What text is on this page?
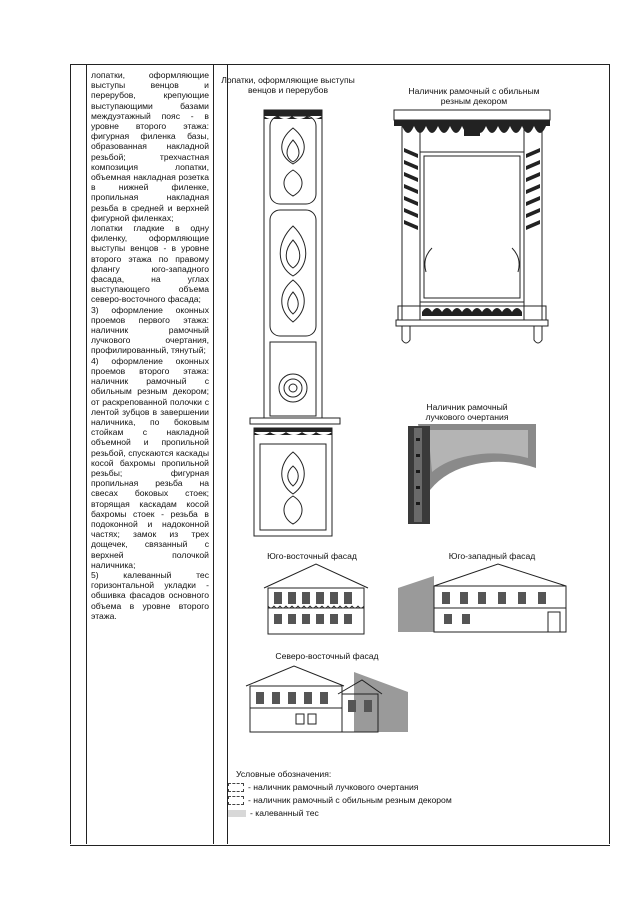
лопатки, оформляющие выступы венцов и перерубов, крепующие выступающими базами междуэтажный пояс - в уровне второго этажа: фигурная филенка базы, образованная накладной резьбой; трехчастная композиция лопатки, объемная накладная розетка в нижней филенке, пропильная накладная резьба в средней и верхней фигурной филенках;

лопатки гладкие в одну филенку, оформляющие выступы венцов - в уровне второго этажа по правому флангу юго-западного фасада, на углах выступающего объема северо-восточного фасада;

3) оформление оконных проемов первого этажа: наличник рамочный лучкового очертания, профилированный, тянутый;

4) оформление оконных проемов второго этажа: наличник рамочный с обильным резным декором; от раскрепованной полочки с лентой зубцов в завершении наличника, по боковым стойкам с накладной объемной и пропильной резьбой, спускаются каскады косой бахромы пропильной резьбы; фигурная пропильная резьба на свесах боковых стоек; вторящая каскадам косой бахромы стоек - резьба в подоконной и надоконной частях; замок из трех дощечек, связанный с верхней полочкой наличника;

5) калеванный тес горизонтальной укладки - обшивка фасадов основного объема в уровне второго этажа.

Лопатки, оформляющие выступы венцов и перерубов	Наличник рамочный с обильным резным декором
Наличник рамочный лучкового очертания
Юго-восточный фасад	Юго-западный фасад
Северо-восточный фасад
Условные обозначения:
- наличник рамочный лучкового очертания
- наличник рамочный с обильным резным декором
- калеванный тес
